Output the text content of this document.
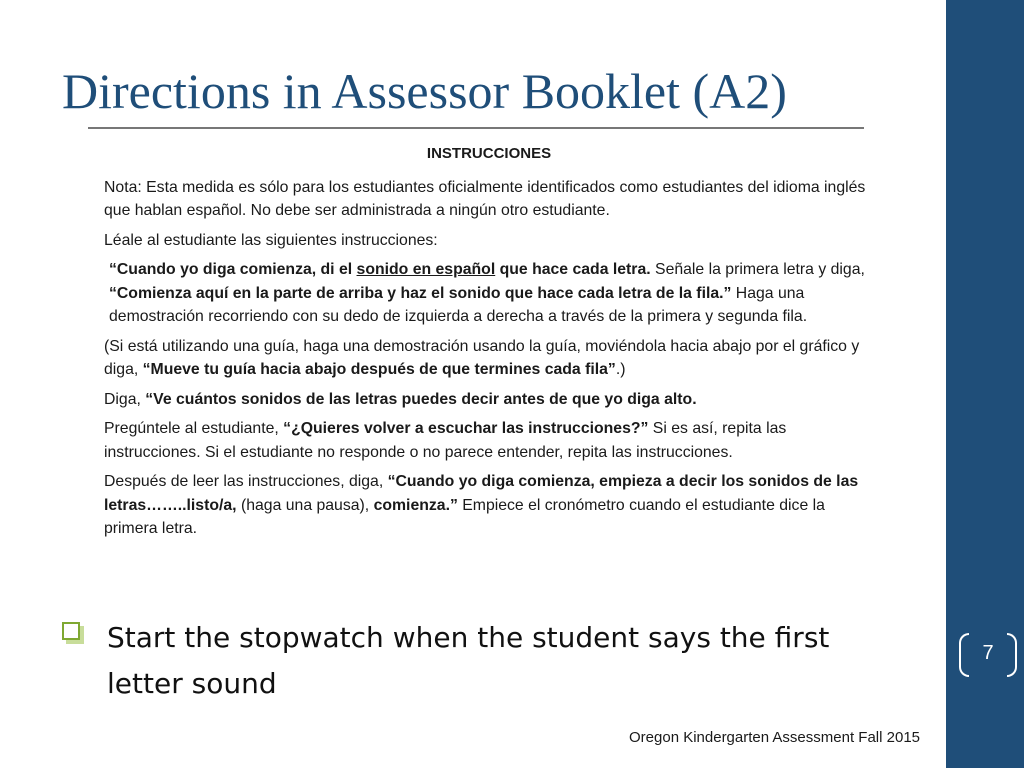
Directions in Assessor Booklet (A2)

INSTRUCCIONES

Nota: Esta medida es sólo para los estudiantes oficialmente identificados como estudiantes del idioma inglés que hablan español. No debe ser administrada a ningún otro estudiante.

Léale al estudiante las siguientes instrucciones:

“Cuando yo diga comienza, di el sonido en español que hace cada letra. Señale la primera letra y diga, “Comienza aquí en la parte de arriba y haz el sonido que hace cada letra de la fila.” Haga una demostración recorriendo con su dedo de izquierda a derecha a través de la primera y segunda fila.

(Si está utilizando una guía, haga una demostración usando la guía, moviéndola hacia abajo por el gráfico y diga, “Mueve tu guía hacia abajo después de que termines cada fila”.)

Diga, “Ve cuántos sonidos de las letras puedes decir antes de que yo diga alto.

Pregúntele al estudiante, “¿Quieres volver a escuchar las instrucciones?” Si es así, repita las instrucciones. Si el estudiante no responde o no parece entender, repita las instrucciones.

Después de leer las instrucciones, diga, “Cuando yo diga comienza, empieza a decir los sonidos de las letras……..listo/a, (haga una pausa), comienza.” Empiece el cronómetro cuando el estudiante dice la primera letra.

Start the stopwatch when the student says the first letter sound
7
Oregon Kindergarten Assessment Fall 2015
